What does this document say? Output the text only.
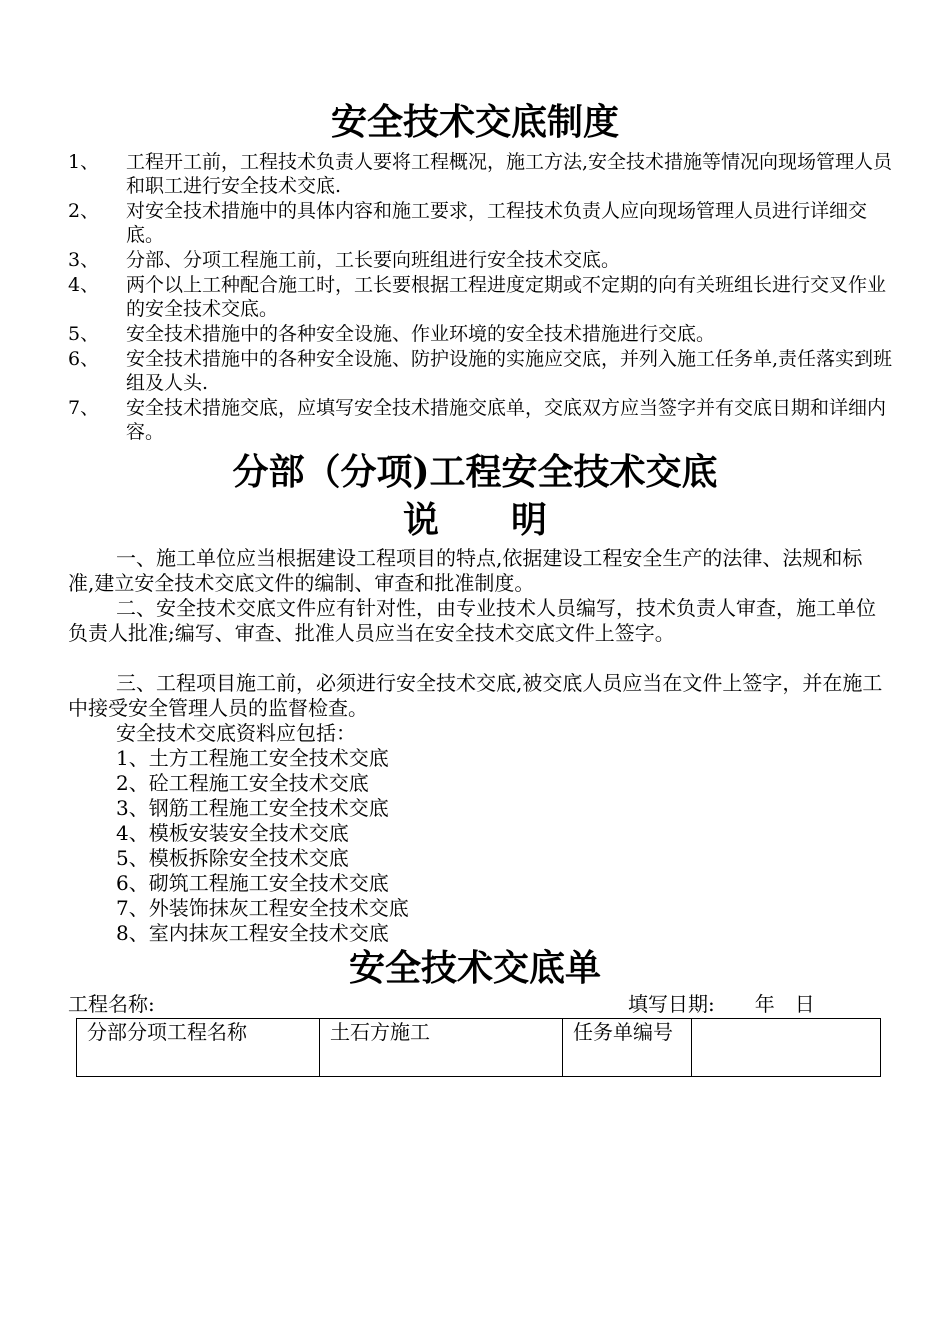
安全技术交底制度
1、	工程开工前，工程技术负责人要将工程概况，施工方法,安全技术措施等情况向现场管理人员和职工进行安全技术交底.
2、	对安全技术措施中的具体内容和施工要求，工程技术负责人应向现场管理人员进行详细交底。
3、	分部、分项工程施工前，工长要向班组进行安全技术交底。
4、	两个以上工种配合施工时，工长要根据工程进度定期或不定期的向有关班组长进行交叉作业的安全技术交底。
5、	安全技术措施中的各种安全设施、作业环境的安全技术措施进行交底。
6、	安全技术措施中的各种安全设施、防护设施的实施应交底，并列入施工任务单,责任落实到班组及人头.
7、	安全技术措施交底，应填写安全技术措施交底单，交底双方应当签字并有交底日期和详细内容。
分部（分项)工程安全技术交底
说　　明
一、施工单位应当根据建设工程项目的特点,依据建设工程安全生产的法律、法规和标准,建立安全技术交底文件的编制、审查和批准制度。
二、安全技术交底文件应有针对性，由专业技术人员编写，技术负责人审查，施工单位负责人批准;编写、审查、批准人员应当在安全技术交底文件上签字。
三、工程项目施工前，必须进行安全技术交底,被交底人员应当在文件上签字，并在施工中接受安全管理人员的监督检查。
安全技术交底资料应包括：
1、土方工程施工安全技术交底
2、砼工程施工安全技术交底
3、钢筋工程施工安全技术交底
4、模板安装安全技术交底
5、模板拆除安全技术交底
6、砌筑工程施工安全技术交底
7、外装饰抹灰工程安全技术交底
8、室内抹灰工程安全技术交底
安全技术交底单
工程名称:	填写日期:　　年　日
分部分项工程名称	土石方施工	任务单编号	
